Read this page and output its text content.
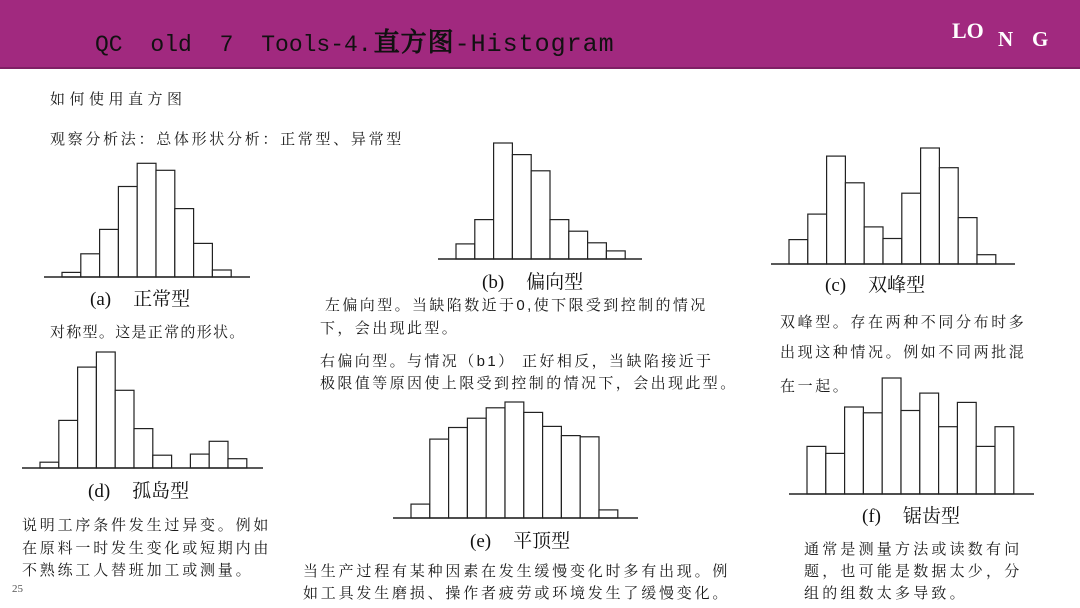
QC old 7 Tools-4. 直方图 -Histogram	LO N G
如何使用直方图
观察分析法：总体形状分析：正常型、异常型
(a) 正常型
对称型。这是正常的形状。
(b) 偏向型
左偏向型。当缺陷数近于0,使下限受到控制的情况
下，会出现此型。
右偏向型。与情况（b1） 正好相反，当缺陷接近于
极限值等原因使上限受到控制的情况下，会出现此型。
(c) 双峰型
双峰型。存在两种不同分布时多
出现这种情况。例如不同两批混
在一起。
(d) 孤岛型
说明工序条件发生过异变。例如
在原料一时发生变化或短期内由
不熟练工人替班加工或测量。
(e) 平顶型
当生产过程有某种因素在发生缓慢变化时多有出现。例
如工具发生磨损、操作者疲劳或环境发生了缓慢变化。
(f) 锯齿型
通常是测量方法或读数有问
题，也可能是数据太少，分
组的组数太多导致。
25
